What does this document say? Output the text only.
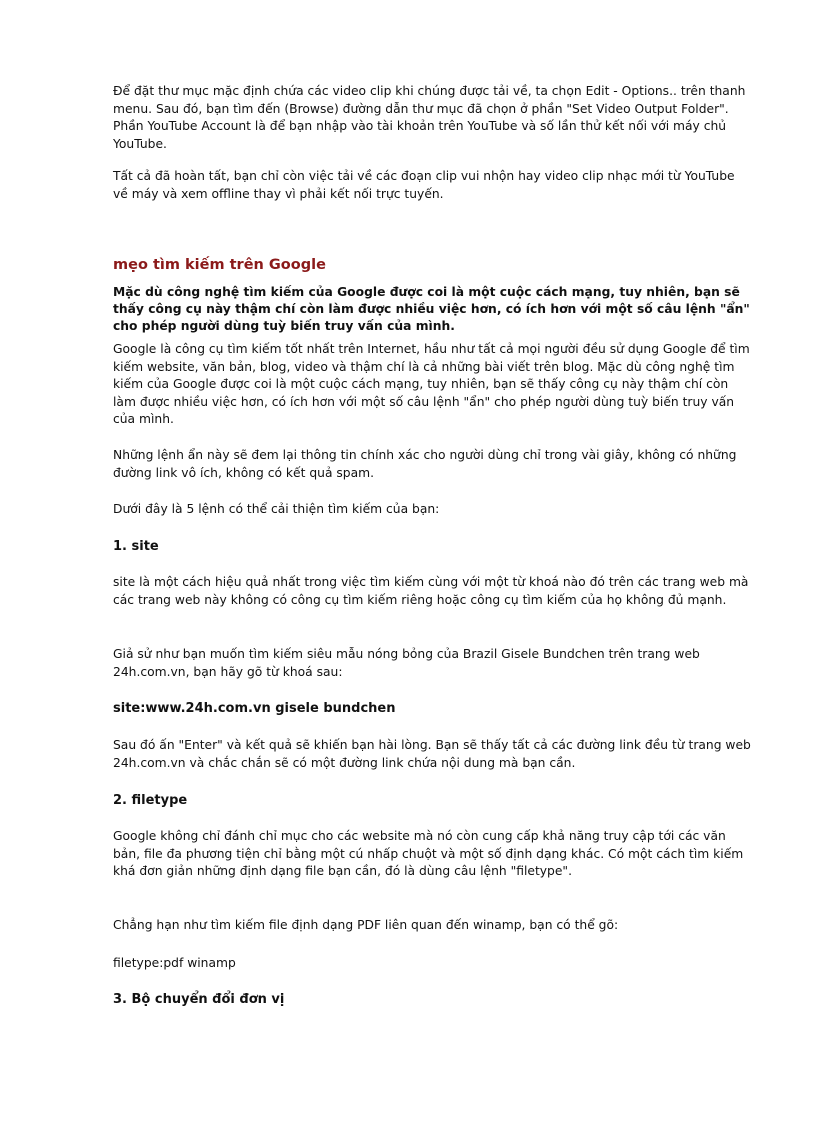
Để đặt thư mục mặc định chứa các video clip khi chúng được tải về, ta chọn Edit - Options.. trên thanh menu. Sau đó, bạn tìm đến (Browse) đường dẫn thư mục đã chọn ở phần "Set Video Output Folder". Phần YouTube Account là để bạn nhập vào tài khoản trên YouTube và số lần thử kết nối với máy chủ YouTube.

Tất cả đã hoàn tất, bạn chỉ còn việc tải về các đoạn clip vui nhộn hay video clip nhạc mới từ YouTube về máy và xem offline thay vì phải kết nối trực tuyến.

mẹo tìm kiếm trên Google

Mặc dù công nghệ tìm kiếm của Google được coi là một cuộc cách mạng, tuy nhiên, bạn sẽ thấy công cụ này thậm chí còn làm được nhiều việc hơn, có ích hơn với một số câu lệnh "ẩn" cho phép người dùng tuỳ biến truy vấn của mình.

Google là công cụ tìm kiếm tốt nhất trên Internet, hầu như tất cả mọi người đều sử dụng Google để tìm kiếm website, văn bản, blog, video và thậm chí là cả những bài viết trên blog. Mặc dù công nghệ tìm kiếm của Google được coi là một cuộc cách mạng, tuy nhiên, bạn sẽ thấy công cụ này thậm chí còn làm được nhiều việc hơn, có ích hơn với một số câu lệnh "ẩn" cho phép người dùng tuỳ biến truy vấn của mình.

Những lệnh ẩn này sẽ đem lại thông tin chính xác cho người dùng chỉ trong vài giây, không có những đường link vô ích, không có kết quả spam.

Dưới đây là 5 lệnh có thể cải thiện tìm kiếm của bạn:

1. site

site là một cách hiệu quả nhất trong việc tìm kiếm cùng với một từ khoá nào đó trên các trang web mà các trang web này không có công cụ tìm kiếm riêng hoặc công cụ tìm kiếm của họ không đủ mạnh.

Giả sử như bạn muốn tìm kiếm siêu mẫu nóng bỏng của Brazil Gisele Bundchen trên trang web 24h.com.vn, bạn hãy gõ từ khoá sau:

site:www.24h.com.vn gisele bundchen

Sau đó ấn "Enter" và kết quả sẽ khiến bạn hài lòng. Bạn sẽ thấy tất cả các đường link đều từ trang web 24h.com.vn và chắc chắn sẽ có một đường link chứa nội dung mà bạn cần.

2. filetype

Google không chỉ đánh chỉ mục cho các website mà nó còn cung cấp khả năng truy cập tới các văn bản, file đa phương tiện chỉ bằng một cú nhấp chuột và một số định dạng khác. Có một cách tìm kiếm khá đơn giản những định dạng file bạn cần, đó là dùng câu lệnh "filetype".

Chẳng hạn như tìm kiếm file định dạng PDF liên quan đến winamp, bạn có thể gõ:

filetype:pdf winamp

3. Bộ chuyển đổi đơn vị
